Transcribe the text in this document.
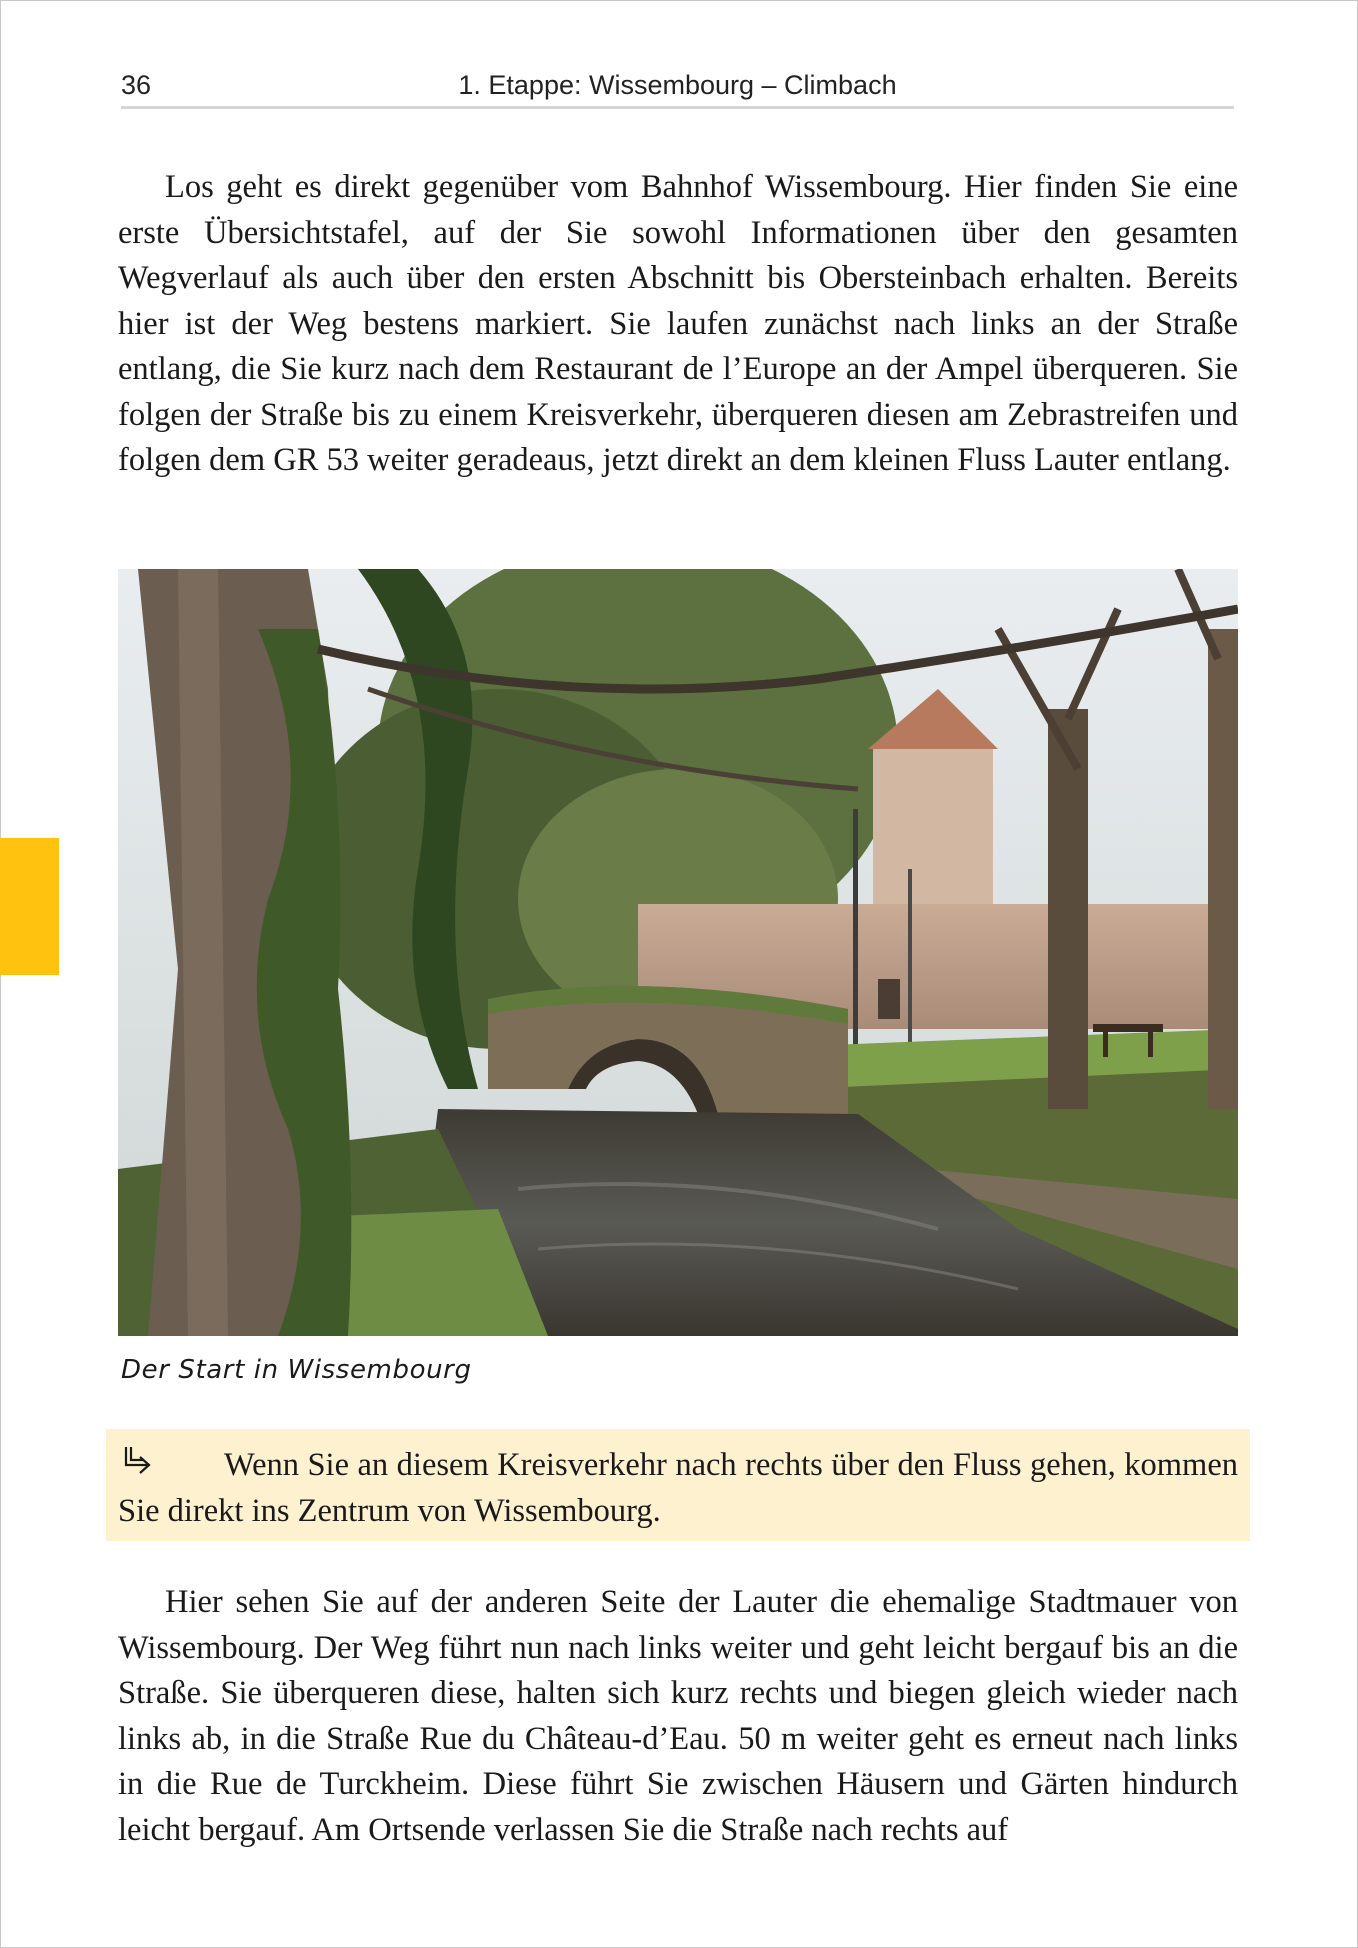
36	1. Etappe: Wissembourg – Climbach

Los geht es direkt gegenüber vom Bahnhof Wissembourg. Hier finden Sie eine erste Übersichtstafel, auf der Sie sowohl Informationen über den gesamten Wegverlauf als auch über den ersten Abschnitt bis Obersteinbach erhalten. Bereits hier ist der Weg bestens markiert. Sie laufen zunächst nach links an der Straße entlang, die Sie kurz nach dem Restaurant de l’Europe an der Ampel überqueren. Sie folgen der Straße bis zu einem Kreisverkehr, überqueren diesen am Zebrastreifen und folgen dem GR 53 weiter geradeaus, jetzt direkt an dem kleinen Fluss Lauter entlang.

Der Start in Wissembourg

Wenn Sie an diesem Kreisverkehr nach rechts über den Fluss gehen, kommen Sie direkt ins Zentrum von Wissembourg.

Hier sehen Sie auf der anderen Seite der Lauter die ehemalige Stadtmauer von Wissembourg. Der Weg führt nun nach links weiter und geht leicht bergauf bis an die Straße. Sie überqueren diese, halten sich kurz rechts und biegen gleich wieder nach links ab, in die Straße Rue du Château-d’Eau. 50 m weiter geht es erneut nach links in die Rue de Turckheim. Diese führt Sie zwischen Häusern und Gärten hindurch leicht bergauf. Am Ortsende verlassen Sie die Straße nach rechts auf
